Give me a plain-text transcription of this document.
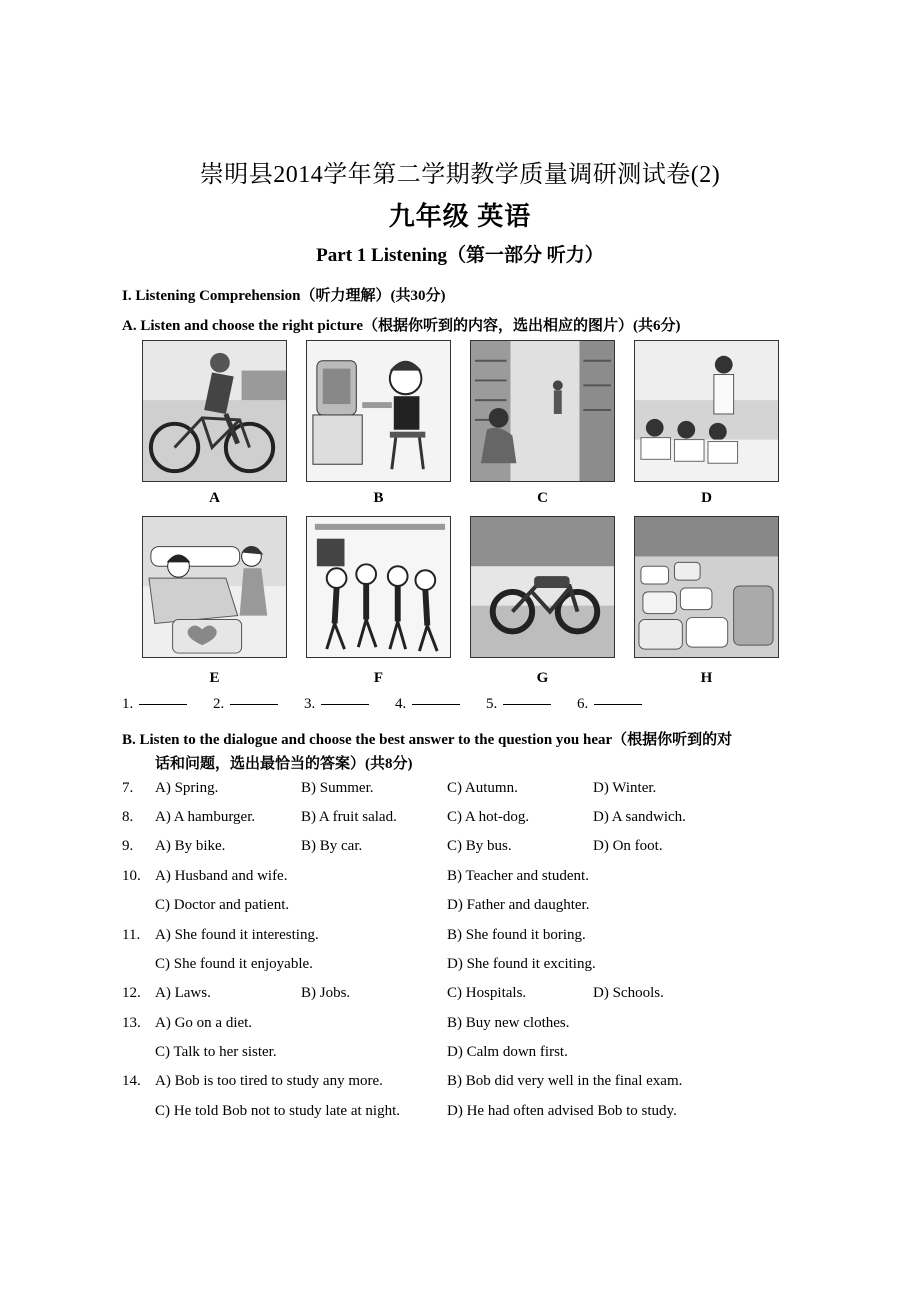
崇明县2014学年第二学期教学质量调研测试卷(2)
九年级 英语
Part 1 Listening（第一部分 听力）
I. Listening Comprehension（听力理解）(共30分)
A. Listen and choose the right picture（根据你听到的内容，选出相应的图片）(共6分)
A	B	C	D
E	F	G	H
1.	2.	3.	4.	5.	6.
B. Listen to the dialogue and choose the best answer to the question you hear（根据你听到的对
话和问题，选出最恰当的答案）(共8分)
7. A) Spring.	B) Summer.	C) Autumn.	D) Winter.
8. A) A hamburger.	B) A fruit salad.	C) A hot-dog.	D) A sandwich.
9. A) By bike.	B) By car.	C) By bus.	D) On foot.
10. A) Husband and wife.	B) Teacher and student.
C) Doctor and patient.	D) Father and daughter.
11. A) She found it interesting.	B) She found it boring.
C) She found it enjoyable.	D) She found it exciting.
12. A) Laws.	B) Jobs.	C) Hospitals.	D) Schools.
13. A) Go on a diet.	B) Buy new clothes.
C) Talk to her sister.	D) Calm down first.
14. A) Bob is too tired to study any more.	B) Bob did very well in the final exam.
C) He told Bob not to study late at night.	D) He had often advised Bob to study.
